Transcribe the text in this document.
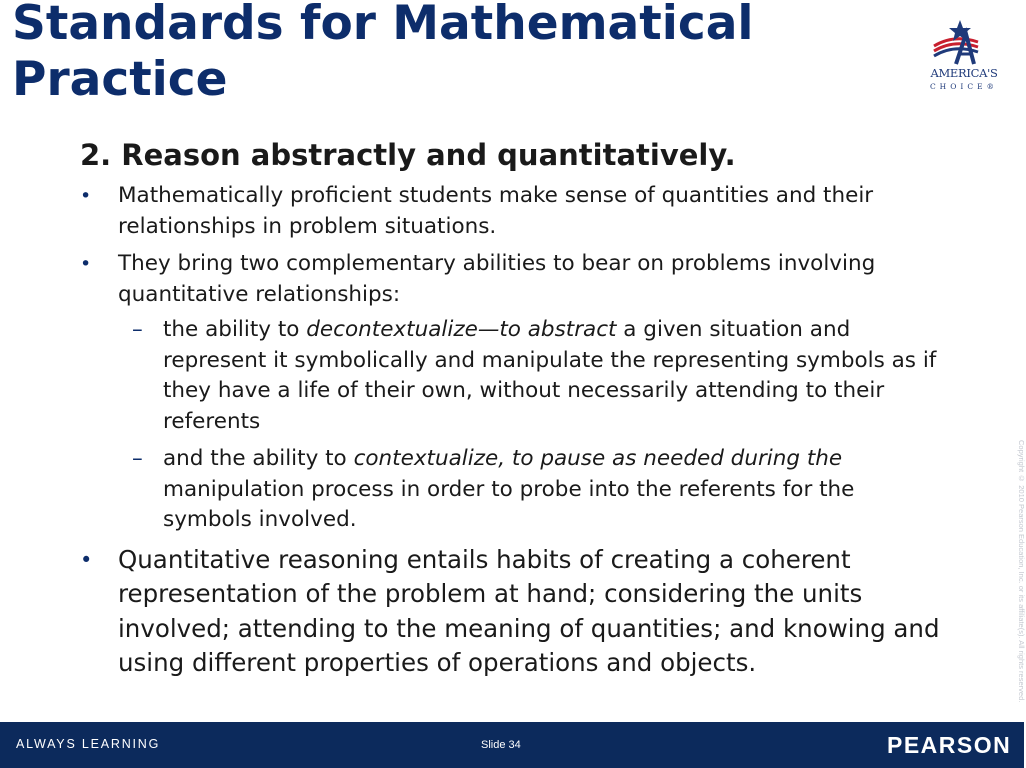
Standards for Mathematical Practice	AMERICA'S
CHOICE®
2. Reason abstractly and quantitatively.
•	Mathematically proficient students make sense of quantities and their relationships in problem situations.
•	They bring two complementary abilities to bear on problems involving quantitative relationships:
– the ability to decontextualize—to abstract a given situation and represent it symbolically and manipulate the representing symbols as if they have a life of their own, without necessarily attending to their referents
– and the ability to contextualize, to pause as needed during the manipulation process in order to probe into the referents for the symbols involved.
•	Quantitative reasoning entails habits of creating a coherent representation of the problem at hand; considering the units involved; attending to the meaning of quantities; and knowing and using different properties of operations and objects.	Copyright © 2010 Pearson Education, Inc. or its affiliate(s). All rights reserved.
ALWAYS LEARNING	Slide 34	PEARSON
